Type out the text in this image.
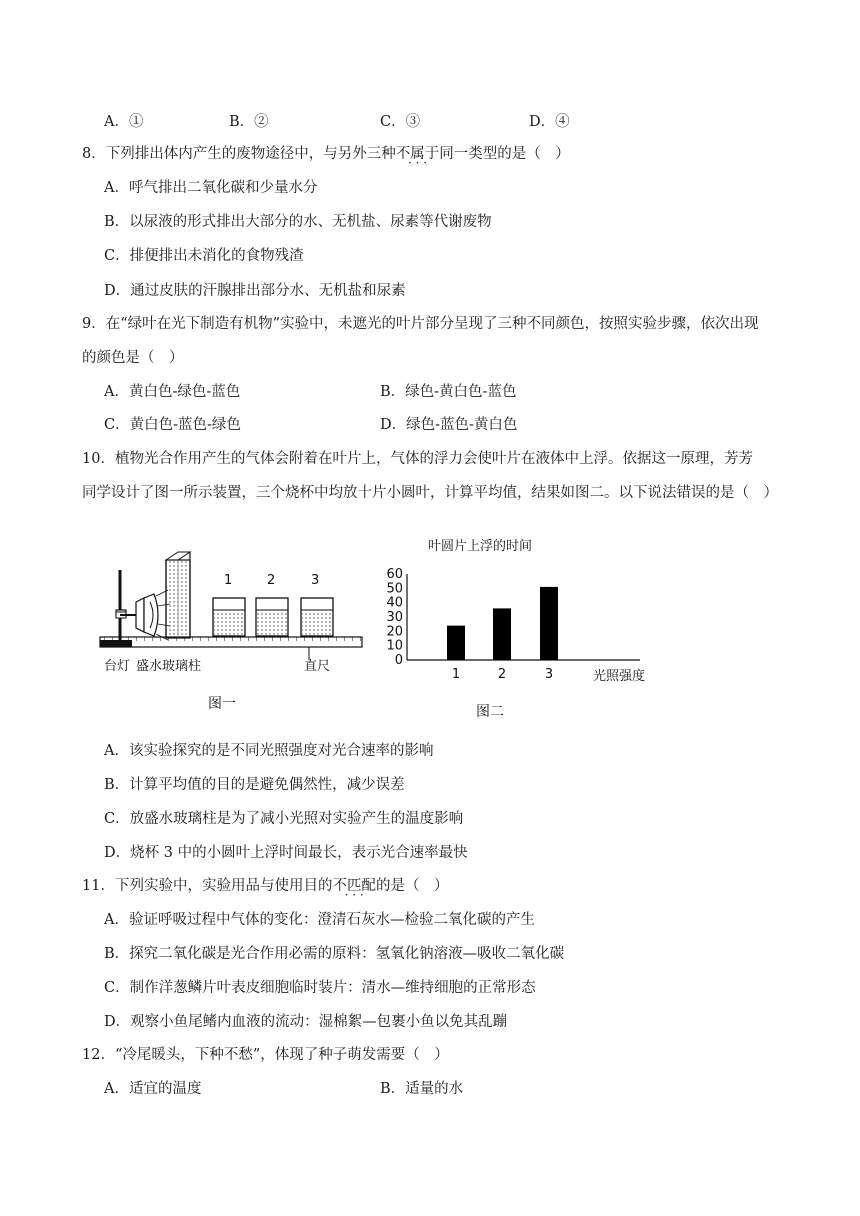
A．①	B．②	C．③	D．④
8．下列排出体内产生的废物途径中，与另外三种不属于 · · ·同一类型的是（　）
A．呼气排出二氧化碳和少量水分
B．以尿液的形式排出大部分的水、无机盐、尿素等代谢废物
C．排便排出未消化的食物残渣
D．通过皮肤的汗腺排出部分水、无机盐和尿素
9．在“绿叶在光下制造有机物”实验中，未遮光的叶片部分呈现了三种不同颜色，按照实验步骤，依次出现
的颜色是（　）
A．黄白色-绿色-蓝色	B．绿色-黄白色-蓝色
C．黄白色-蓝色-绿色	D．绿色-蓝色-黄白色
10．植物光合作用产生的气体会附着在叶片上，气体的浮力会使叶片在液体中上浮。依据这一原理，芳芳
同学设计了图一所示装置，三个烧杯中均放十片小圆叶，计算平均值，结果如图二。以下说法错误的是（　）
1	2	3
台灯 盛水玻璃柱	直尺
图一
叶圆片上浮的时间
0
10
20
30
40
50
60
1	2	3	光照强度
图二
A．该实验探究的是不同光照强度对光合速率的影响
B．计算平均值的目的是避免偶然性，减少误差
C．放盛水玻璃柱是为了减小光照对实验产生的温度影响
D．烧杯 3 中的小圆叶上浮时间最长，表示光合速率最快
11．下列实验中，实验用品与使用目的不匹配 · · ·的是（　）
A．验证呼吸过程中气体的变化：澄清石灰水—检验二氧化碳的产生
B．探究二氧化碳是光合作用必需的原料：氢氧化钠溶液—吸收二氧化碳
C．制作洋葱鳞片叶表皮细胞临时装片：清水—维持细胞的正常形态
D．观察小鱼尾鳍内血液的流动：湿棉絮—包裹小鱼以免其乱蹦
12．“冷尾暖头，下种不愁”，体现了种子萌发需要（　）
A．适宜的温度	B．适量的水
